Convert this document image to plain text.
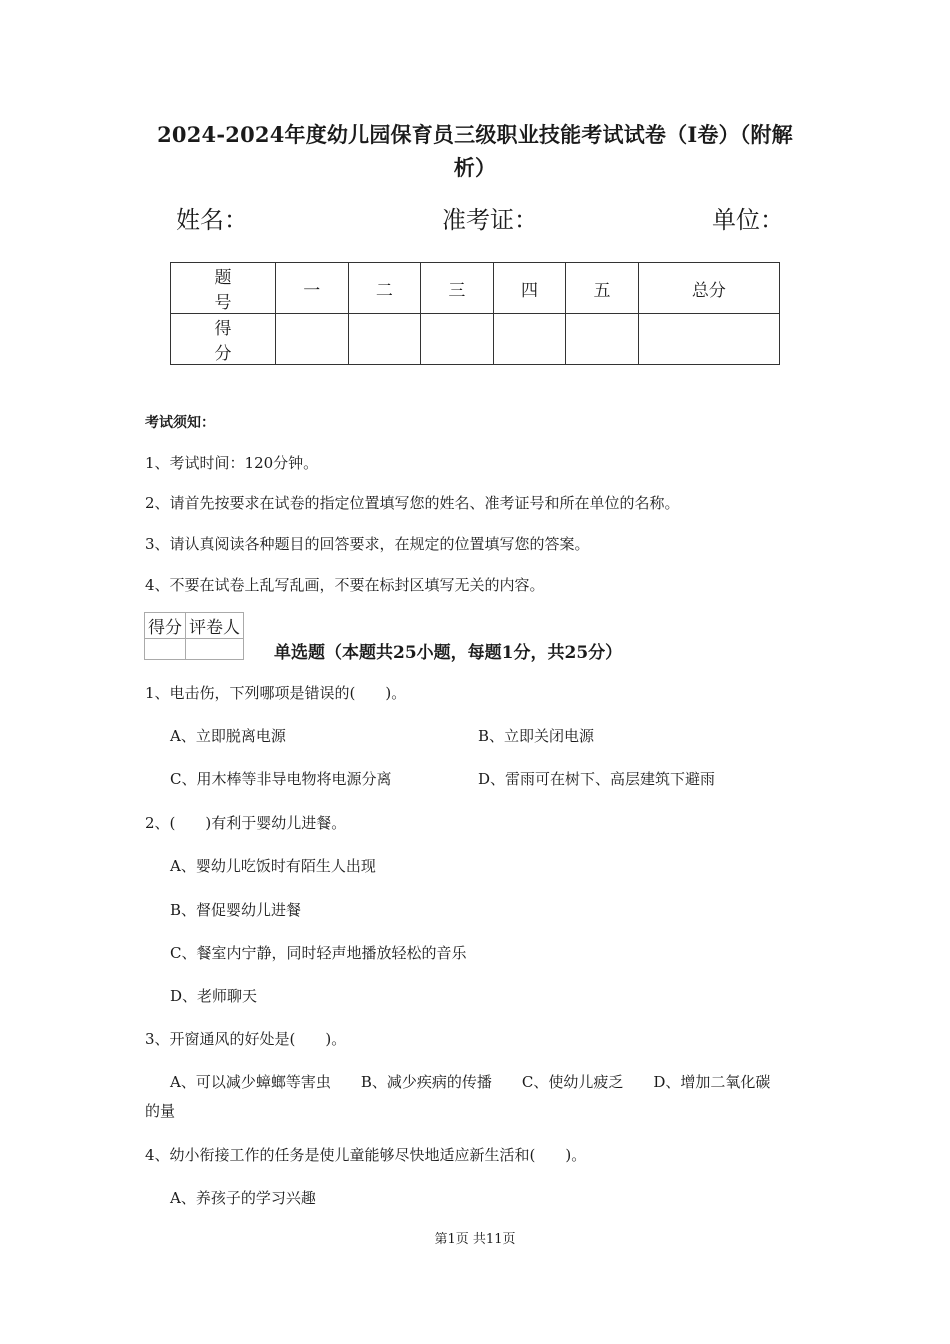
2024-2024年度幼儿园保育员三级职业技能考试试卷（I卷）（附解
析）
姓名：	准考证：	单位：
题 号	一	二	三	四	五	总分
得 分						
考试须知：
1、考试时间：120分钟。
2、请首先按要求在试卷的指定位置填写您的姓名、准考证号和所在单位的名称。
3、请认真阅读各种题目的回答要求，在规定的位置填写您的答案。
4、不要在试卷上乱写乱画，不要在标封区填写无关的内容。
得分	评卷人

单选题（本题共25小题，每题1分，共25分）
1、电击伤，下列哪项是错误的(　　)。
A、立即脱离电源	B、立即关闭电源
C、用木棒等非导电物将电源分离	D、雷雨可在树下、高层建筑下避雨
2、(　　)有利于婴幼儿进餐。
A、婴幼儿吃饭时有陌生人出现
B、督促婴幼儿进餐
C、餐室内宁静，同时轻声地播放轻松的音乐
D、老师聊天
3、开窗通风的好处是(　　)。
A、可以减少蟑螂等害虫　　B、减少疾病的传播　　C、使幼儿疲乏　　D、增加二氧化碳
的量
4、幼小衔接工作的任务是使儿童能够尽快地适应新生活和(　　)。
A、养孩子的学习兴趣
第1页 共11页
